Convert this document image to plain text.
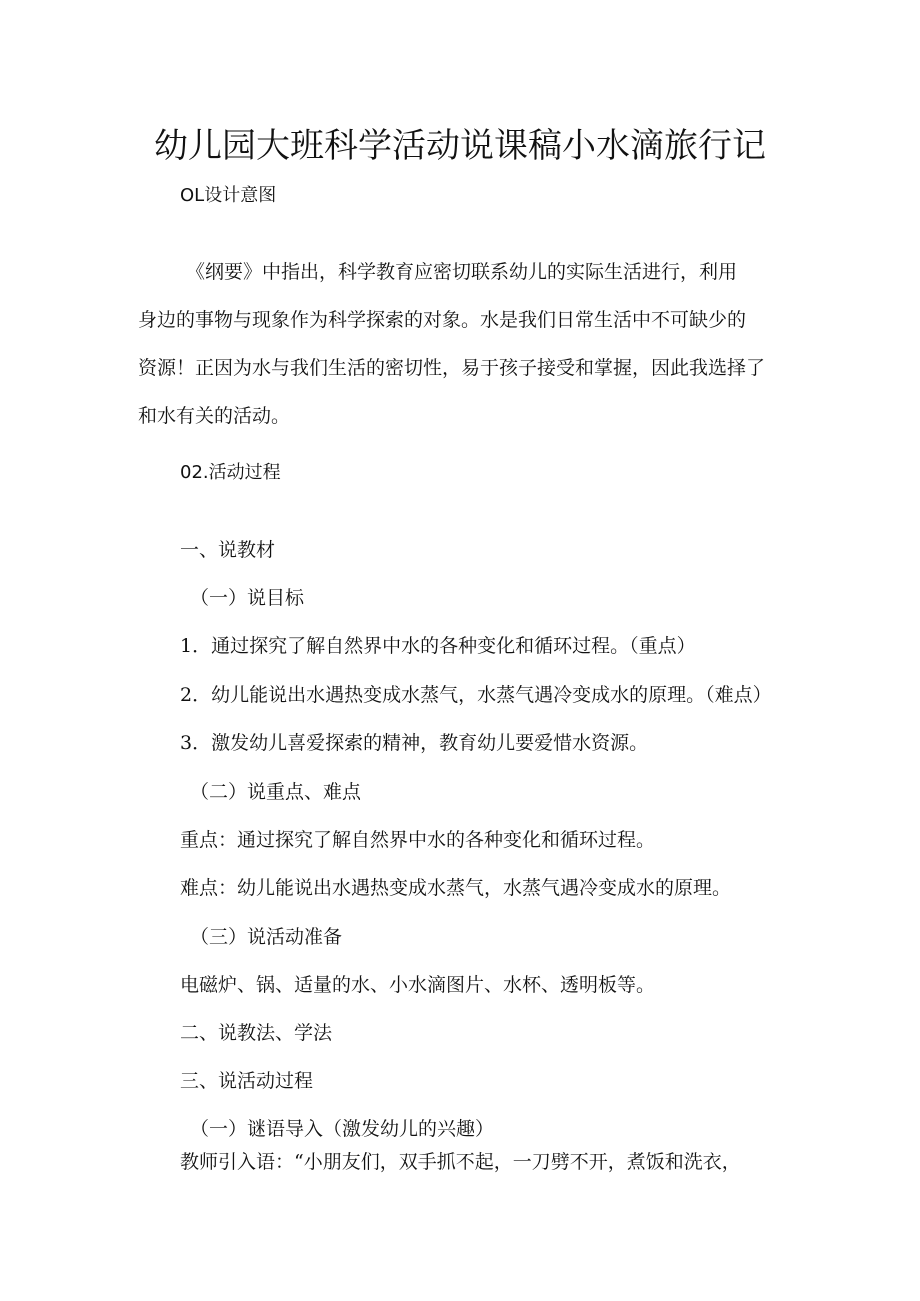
幼儿园大班科学活动说课稿小水滴旅行记
OL设计意图
《纲要》中指出，科学教育应密切联系幼儿的实际生活进行，利用
身边的事物与现象作为科学探索的对象。水是我们日常生活中不可缺少的
资源！正因为水与我们生活的密切性，易于孩子接受和掌握，因此我选择了
和水有关的活动。
02.活动过程
一、说教材
（一）说目标
1．通过探究了解自然界中水的各种变化和循环过程。（重点）
2．幼儿能说出水遇热变成水蒸气，水蒸气遇冷变成水的原理。（难点）
3．激发幼儿喜爱探索的精神，教育幼儿要爱惜水资源。
（二）说重点、难点
重点：通过探究了解自然界中水的各种变化和循环过程。
难点：幼儿能说出水遇热变成水蒸气，水蒸气遇冷变成水的原理。
（三）说活动准备
电磁炉、锅、适量的水、小水滴图片、水杯、透明板等。
二、说教法、学法
三、说活动过程
（一）谜语导入（激发幼儿的兴趣）
教师引入语：“小朋友们，双手抓不起，一刀劈不开，煮饭和洗衣，
